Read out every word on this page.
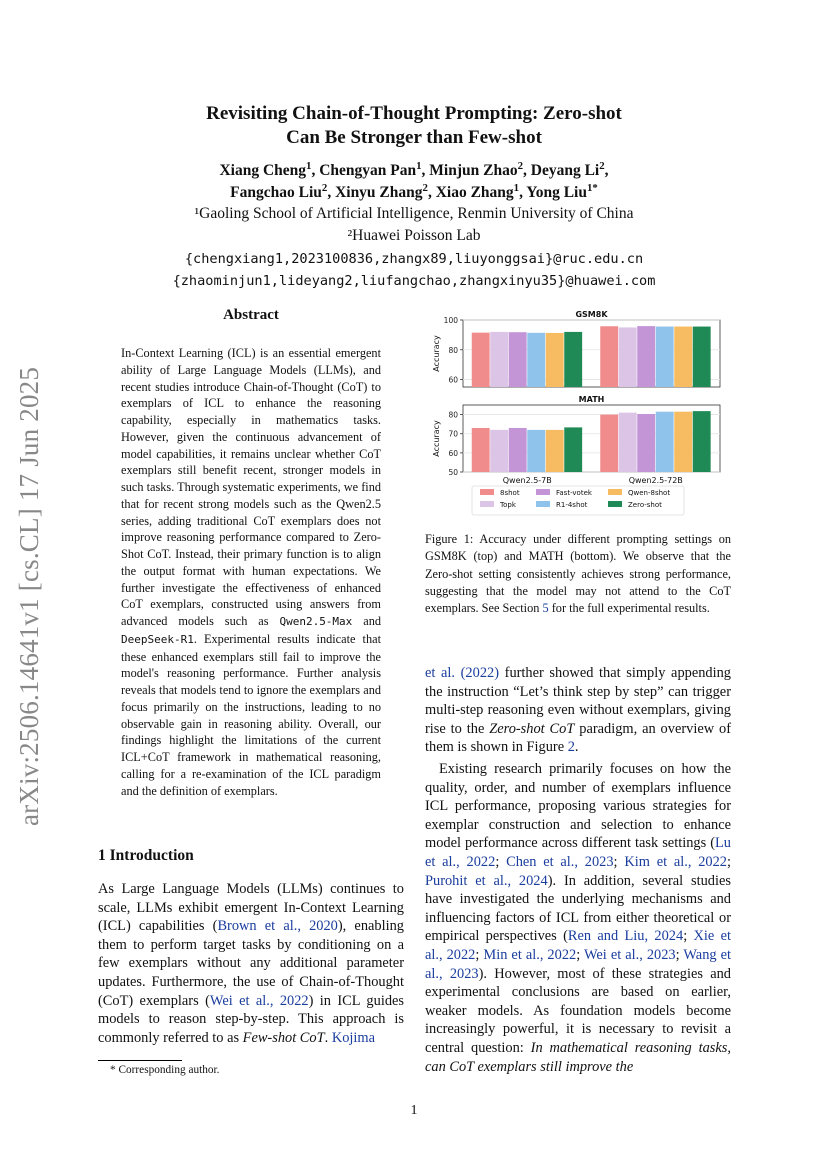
arXiv:2506.14641v1 [cs.CL] 17 Jun 2025
Revisiting Chain-of-Thought Prompting: Zero-shot
Can Be Stronger than Few-shot
Xiang Cheng$^1$, Chengyan Pan$^1$, Minjun Zhao$^2$, Deyang Li$^2$,
Fangchao Liu$^2$, Xinyu Zhang$^2$, Xiao Zhang$^1$, Yong Liu$^{1*}$
¹Gaoling School of Artificial Intelligence, Renmin University of China
²Huawei Poisson Lab
{chengxiang1,2023100836,zhangx89,liuyonggsai}@ruc.edu.cn
{zhaominjun1,lideyang2,liufangchao,zhangxinyu35}@huawei.com
Abstract
In-Context Learning (ICL) is an essential emergent ability of Large Language Models (LLMs), and recent studies introduce Chain-of-Thought (CoT) to exemplars of ICL to enhance the reasoning capability, especially in mathematics tasks. However, given the continuous advancement of model capabilities, it remains unclear whether CoT exemplars still benefit recent, stronger models in such tasks. Through systematic experiments, we find that for recent strong models such as the Qwen2.5 series, adding traditional CoT exemplars does not improve reasoning performance compared to Zero-Shot CoT. Instead, their primary function is to align the output format with human expectations. We further investigate the effectiveness of enhanced CoT exemplars, constructed using answers from advanced models such as Qwen2.5-Max and DeepSeek-R1. Experimental results indicate that these enhanced exemplars still fail to improve the model's reasoning performance. Further analysis reveals that models tend to ignore the exemplars and focus primarily on the instructions, leading to no observable gain in reasoning ability. Overall, our findings highlight the limitations of the current ICL+CoT framework in mathematical reasoning, calling for a re-examination of the ICL paradigm and the definition of exemplars.
1 Introduction
As Large Language Models (LLMs) continues to scale, LLMs exhibit emergent In-Context Learning (ICL) capabilities (Brown et al., 2020), enabling them to perform target tasks by conditioning on a few exemplars without any additional parameter updates. Furthermore, the use of Chain-of-Thought (CoT) exemplars (Wei et al., 2022) in ICL guides models to reason step-by-step. This approach is commonly referred to as Few-shot CoT. Kojima
* Corresponding author.
60
80
100
GSM8K
Accuracy
50
60
70
80
MATH
Accuracy
Qwen2.5-7B	Qwen2.5-72B
8shot
Topk
Fast-votek
R1-4shot
Qwen-8shot
Zero-shot
Figure 1: Accuracy under different prompting settings on GSM8K (top) and MATH (bottom). We observe that the Zero-shot setting consistently achieves strong performance, suggesting that the model may not attend to the CoT exemplars. See Section 5 for the full experimental results.
et al. (2022) further showed that simply appending the instruction “Let’s think step by step” can trigger multi-step reasoning even without exemplars, giving rise to the Zero-shot CoT paradigm, an overview of them is shown in Figure 2.
Existing research primarily focuses on how the quality, order, and number of exemplars influence ICL performance, proposing various strategies for exemplar construction and selection to enhance model performance across different task settings (Lu et al., 2022; Chen et al., 2023; Kim et al., 2022; Purohit et al., 2024). In addition, several studies have investigated the underlying mechanisms and influencing factors of ICL from either theoretical or empirical perspectives (Ren and Liu, 2024; Xie et al., 2022; Min et al., 2022; Wei et al., 2023; Wang et al., 2023). However, most of these strategies and experimental conclusions are based on earlier, weaker models. As foundation models become increasingly powerful, it is necessary to revisit a central question: In mathematical reasoning tasks, can CoT exemplars still improve the
1
